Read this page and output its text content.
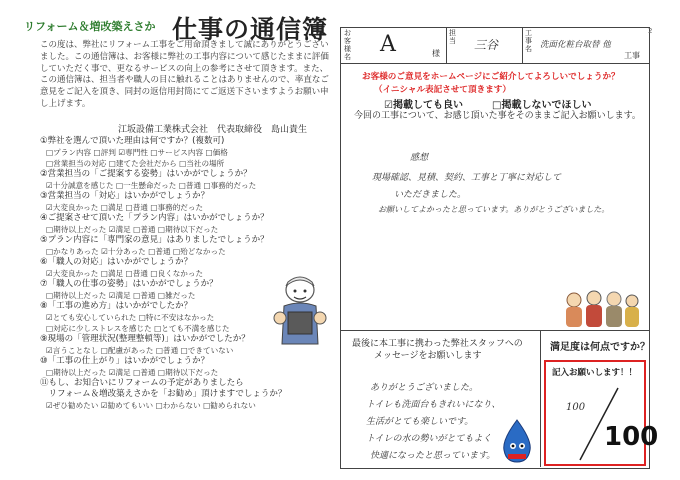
リフォーム＆増改築えさか 仕事の通信簿
この度は、弊社にリフォーム工事をご用命頂きまして誠にありがとうございました。この通信簿は、お客様に弊社の工事内容について感じたままに評価していただく事で、更なるサービスの向上の参考にさせて頂きます。また、この通信簿は、担当者や職人の目に触れることはありませんので、率直なご意見をご記入を頂き、同封の返信用封筒にてご返送下さいますようお願い申し上げます。
江坂設備工業株式会社　代表取締役　島山貴生
①弊社を選んで頂いた理由は何ですか？(複数可)
□プラン内容 □評判 ☑専門性 □サービス内容 □価格
□営業担当の対応 □建てた会社だから □当社の場所
②営業担当の「ご提案する姿勢」はいかがでしょうか？
☑十分誠意を感じた □一生懸命だった □普通 □事務的だった
③営業担当の「対応」はいかがでしょうか？
☑大変良かった □満足 □普通 □事務的だった
④ご提案させて頂いた「プラン内容」はいかがでしょうか？
□期待以上だった ☑満足 □普通 □期待以下だった
⑤プラン内容に「専門家の意見」はありましたでしょうか？
□かなりあった ☑十分あった □普通 □殆どなかった
⑥「職人の対応」はいかがでしょうか？
☑大変良かった □満足 □普通 □良くなかった
⑦「職人の仕事の姿勢」はいかがでしょうか？
□期待以上だった ☑満足 □普通 □雑だった
⑧「工事の進め方」はいかがでしたか？
☑とても安心していられた □特に不安はなかった
□対応に少しストレスを感じた □とても不満を感じた
⑨現場の「管理状況(整理整頓等)」はいかがでしたか？
☑言うことなし □配慮があった □普通 □できていない
⑩「工事の仕上がり」はいかがでしょうか？
□期待以上だった ☑満足 □普通 □期待以下だった
⑪もし、お知合いにリフォームの予定がありましたら
　リフォーム＆増改築えさかを「お勧め」頂けますでしょうか？
☑ぜひ勧めたい ☑勧めてもいい □わからない □勧められない
2
お客様名 A	様
担当 三谷
工事名 洗面化粧台取替 他
工事
お客様のご意見をホームページにご紹介してよろしいでしょうか？
（イニシャル表記させて頂きます）
☑掲載しても良い	□掲載しないでほしい
今回の工事について、お感じ頂いた事をそのままご記入お願いします。
感想
現場確認、見積、契約、工事と丁寧に対応して
いただきました。
お願いしてよかったと思っています。ありがとうございました。
最後に本工事に携わった弊社スタッフへの
メッセージをお願いします
満足度は何点ですか？
ありがとうございました。
トイレも洗面台もきれいになり、
生活がとても楽しいです。
トイレの水の勢いがとてもよく
快適になったと思っています。
記入お願いします！！
100
100
